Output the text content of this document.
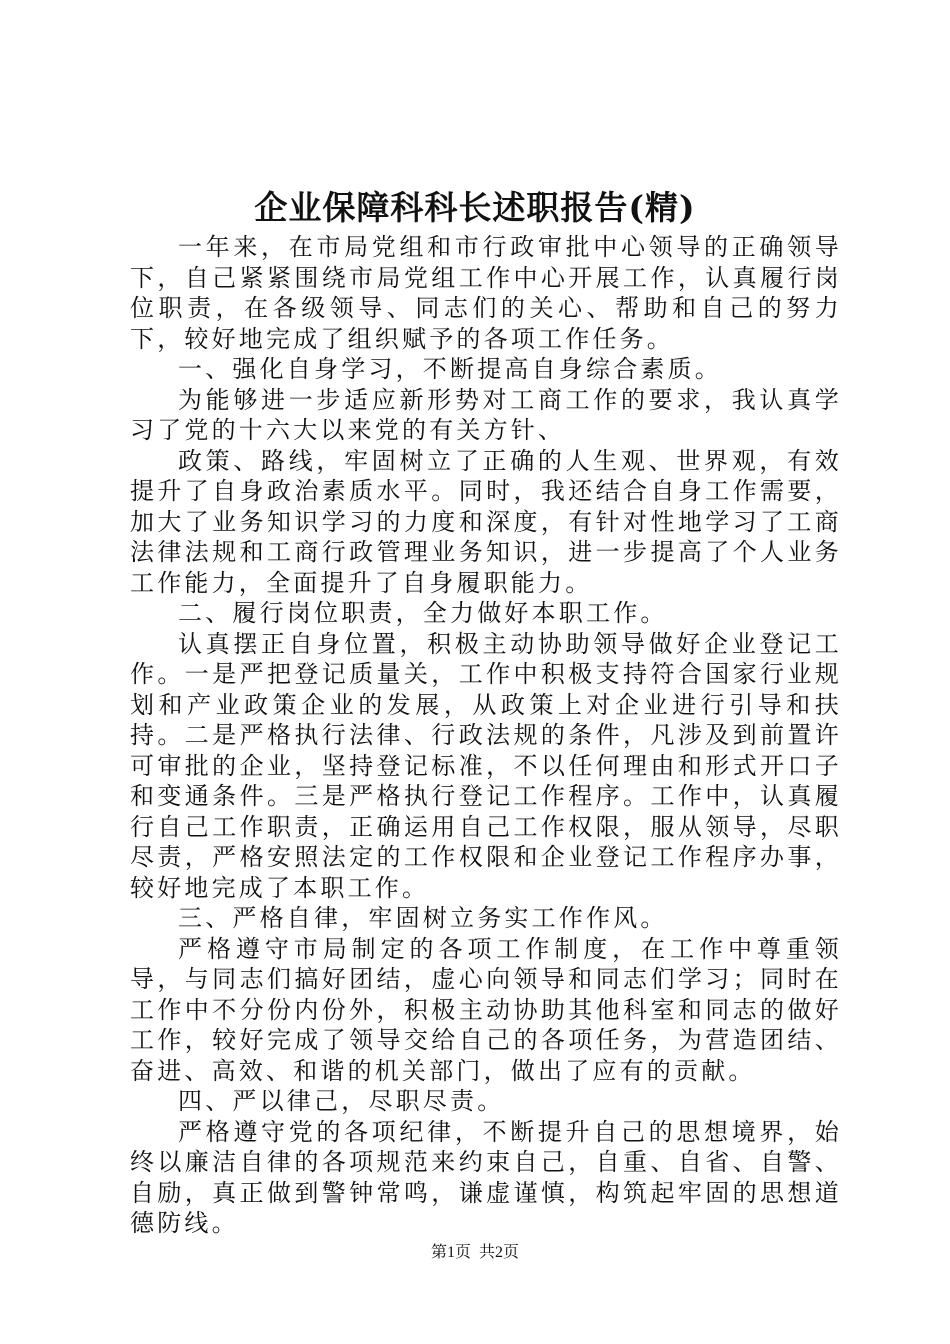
企业保障科科长述职报告(精)

一年来，在市局党组和市行政审批中心领导的正确领导下，自己紧紧围绕市局党组工作中心开展工作，认真履行岗位职责，在各级领导、同志们的关心、帮助和自己的努力下，较好地完成了组织赋予的各项工作任务。

一、强化自身学习，不断提高自身综合素质。

为能够进一步适应新形势对工商工作的要求，我认真学习了党的十六大以来党的有关方针、

政策、路线，牢固树立了正确的人生观、世界观，有效提升了自身政治素质水平。同时，我还结合自身工作需要，加大了业务知识学习的力度和深度，有针对性地学习了工商法律法规和工商行政管理业务知识，进一步提高了个人业务工作能力，全面提升了自身履职能力。

二、履行岗位职责，全力做好本职工作。

认真摆正自身位置，积极主动协助领导做好企业登记工作。一是严把登记质量关，工作中积极支持符合国家行业规划和产业政策企业的发展，从政策上对企业进行引导和扶持。二是严格执行法律、行政法规的条件，凡涉及到前置许可审批的企业，坚持登记标准，不以任何理由和形式开口子和变通条件。三是严格执行登记工作程序。工作中，认真履行自己工作职责，正确运用自己工作权限，服从领导，尽职尽责，严格安照法定的工作权限和企业登记工作程序办事，较好地完成了本职工作。

三、严格自律，牢固树立务实工作作风。

严格遵守市局制定的各项工作制度，在工作中尊重领导，与同志们搞好团结，虚心向领导和同志们学习；同时在工作中不分份内份外，积极主动协助其他科室和同志的做好工作，较好完成了领导交给自己的各项任务，为营造团结、奋进、高效、和谐的机关部门，做出了应有的贡献。

四、严以律己，尽职尽责。

严格遵守党的各项纪律，不断提升自己的思想境界，始终以廉洁自律的各项规范来约束自己，自重、自省、自警、自励，真正做到警钟常鸣，谦虚谨慎，构筑起牢固的思想道德防线。

第1页 共2页
